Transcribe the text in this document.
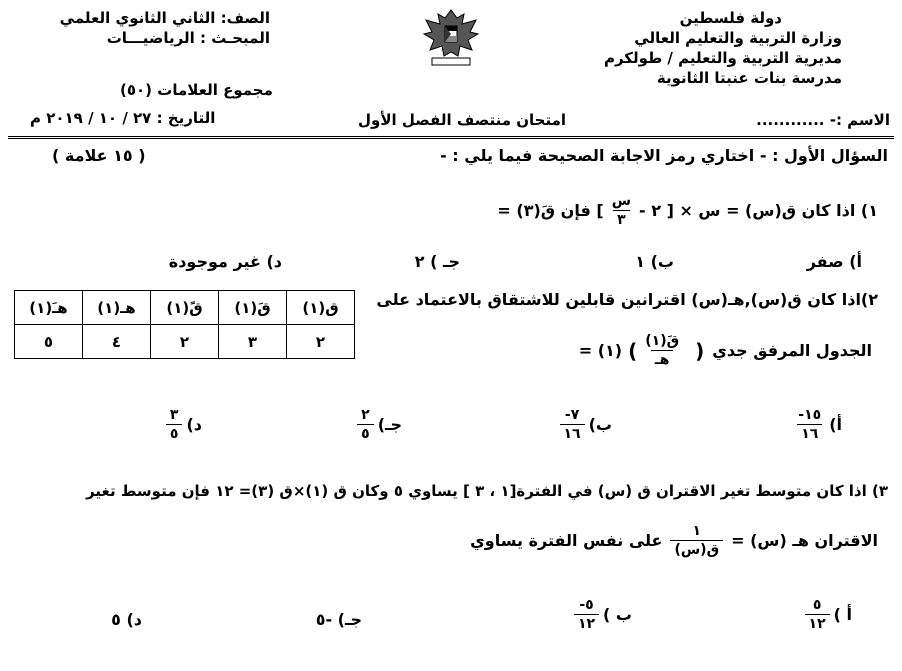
دولة فلسطين
وزارة التربية والتعليم العالي
مديرية التربية والتعليم / طولكرم
مدرسة بنات عنبتا الثانوية
الصف: الثاني الثانوي العلمي
المبحـث : الرياضيـــات
مجموع العلامات (٥٠)
التاريخ : ٢٧ / ١٠ / ٢٠١٩ م	الاسم :- ............
امتحان منتصف الفصل الأول
السؤال الأول : - اختاري رمز الاجابة الصحيحة فيما يلي : -
( ١٥ علامة )
١) اذا كان ق(س) = س × [ ٢ -
$\frac{\text{س}}{٣}$
] فإن قَ(٣) =
أ) صفر
ب) ١
جـ ) ٢
د) غير موجودة
٢)اذا كان ق(س),هـ(س) اقترانين قابلين للاشتقاق بالاعتماد على
ق(١)	قَ(١)	قً(١)	هـ(١)	هـَ(١)
٢	٣	٢	٤	٥	الجدول المرفق جدي
(
$\frac{\text{قَ(١)}}{\text{هـ}}$
)
(١) =
أ)
$\frac{١٥-}{١٦}$
ب)
$\frac{٧-}{١٦}$
جـ)
$\frac{٢}{٥}$
د)
$\frac{٣}{٥}$
٣) اذا كان متوسط تغير الاقتران ق (س) في الفترة[١ ، ٣ ] يساوي ٥ وكان ق (١)×ق (٣)= ١٢ فإن متوسط تغير
الاقتران هـ (س) =
$\frac{١}{\text{ق(س)}}$
على نفس الفترة يساوي
أ )
$\frac{٥}{١٢}$
ب )
$\frac{٥-}{١٢}$
جـ) -٥
د) ٥
